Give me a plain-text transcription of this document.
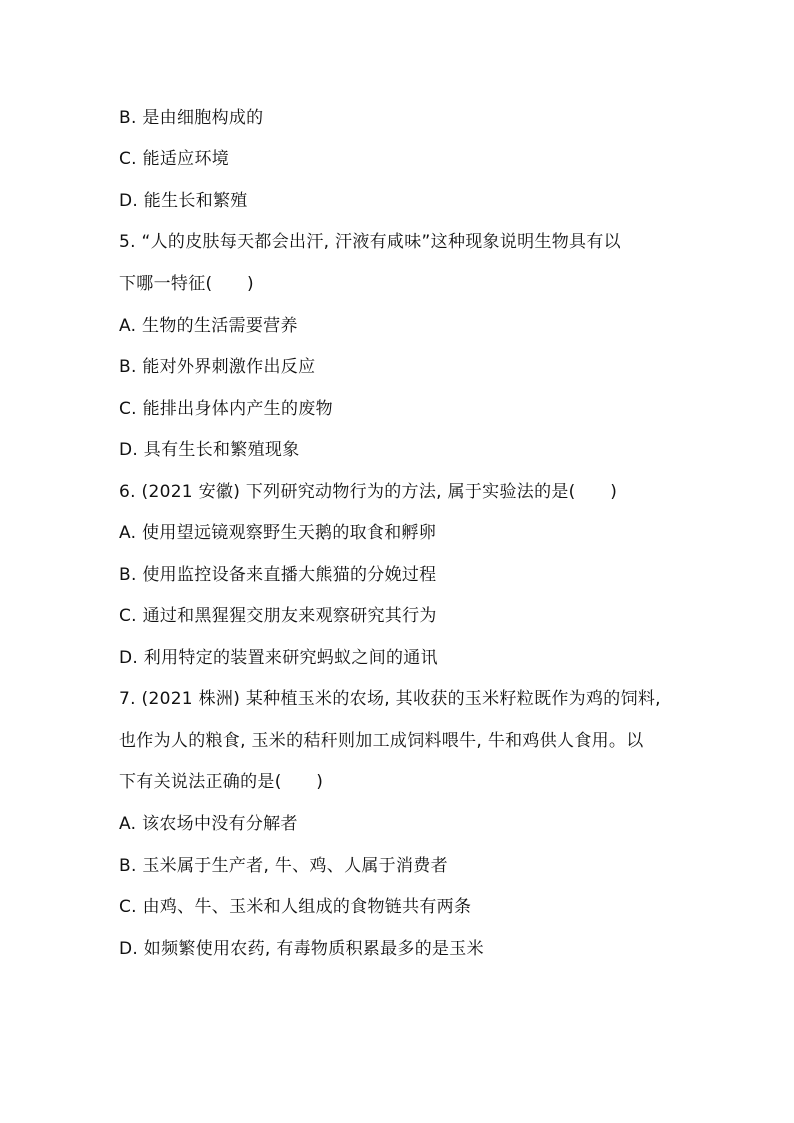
B. 是由细胞构成的
C. 能适应环境
D. 能生长和繁殖
5. “人的皮肤每天都会出汗, 汗液有咸味”这种现象说明生物具有以
下哪一特征(　　)
A. 生物的生活需要营养
B. 能对外界刺激作出反应
C. 能排出身体内产生的废物
D. 具有生长和繁殖现象
6. (2021 安徽) 下列研究动物行为的方法, 属于实验法的是(　　)
A. 使用望远镜观察野生天鹅的取食和孵卵
B. 使用监控设备来直播大熊猫的分娩过程
C. 通过和黑猩猩交朋友来观察研究其行为
D. 利用特定的装置来研究蚂蚁之间的通讯
7. (2021 株洲) 某种植玉米的农场, 其收获的玉米籽粒既作为鸡的饲料,
也作为人的粮食, 玉米的秸秆则加工成饲料喂牛, 牛和鸡供人食用。以
下有关说法正确的是(　　)
A. 该农场中没有分解者
B. 玉米属于生产者, 牛、鸡、人属于消费者
C. 由鸡、牛、玉米和人组成的食物链共有两条
D. 如频繁使用农药, 有毒物质积累最多的是玉米
